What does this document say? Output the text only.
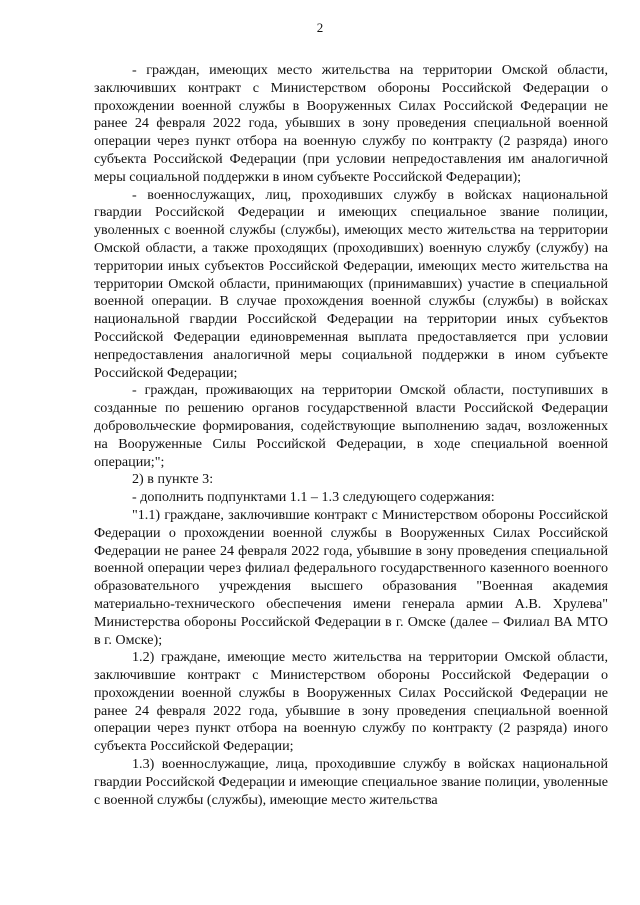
2

- граждан, имеющих место жительства на территории Омской области, заключивших контракт с Министерством обороны Российской Федерации о прохождении военной службы в Вооруженных Силах Российской Федерации не ранее 24 февраля 2022 года, убывших в зону проведения специальной военной операции через пункт отбора на военную службу по контракту (2 разряда) иного субъекта Российской Федерации (при условии непредоставления им аналогичной меры социальной поддержки в ином субъекте Российской Федерации);

- военнослужащих, лиц, проходивших службу в войсках национальной гвардии Российской Федерации и имеющих специальное звание полиции, уволенных с военной службы (службы), имеющих место жительства на территории Омской области, а также проходящих (проходивших) военную службу (службу) на территории иных субъектов Российской Федерации, имеющих место жительства на территории Омской области, принимающих (принимавших) участие в специальной военной операции. В случае прохождения военной службы (службы) в войсках национальной гвардии Российской Федерации на территории иных субъектов Российской Федерации единовременная выплата предоставляется при условии непредоставления аналогичной меры социальной поддержки в ином субъекте Российской Федерации;

- граждан, проживающих на территории Омской области, поступивших в созданные по решению органов государственной власти Российской Федерации добровольческие формирования, содействующие выполнению задач, возложенных на Вооруженные Силы Российской Федерации, в ходе специальной военной операции;";

2) в пункте 3:

- дополнить подпунктами 1.1 – 1.3 следующего содержания:

"1.1) граждане, заключившие контракт с Министерством обороны Российской Федерации о прохождении военной службы в Вооруженных Силах Российской Федерации не ранее 24 февраля 2022 года, убывшие в зону проведения специальной военной операции через филиал федерального государственного казенного военного образовательного учреждения высшего образования "Военная академия материально-технического обеспечения имени генерала армии А.В. Хрулева" Министерства обороны Российской Федерации в г. Омске (далее – Филиал ВА МТО в г. Омске);

1.2) граждане, имеющие место жительства на территории Омской области, заключившие контракт с Министерством обороны Российской Федерации о прохождении военной службы в Вооруженных Силах Российской Федерации не ранее 24 февраля 2022 года, убывшие в зону проведения специальной военной операции через пункт отбора на военную службу по контракту (2 разряда) иного субъекта Российской Федерации;

1.3) военнослужащие, лица, проходившие службу в войсках национальной гвардии Российской Федерации и имеющие специальное звание полиции, уволенные с военной службы (службы), имеющие место жительства
